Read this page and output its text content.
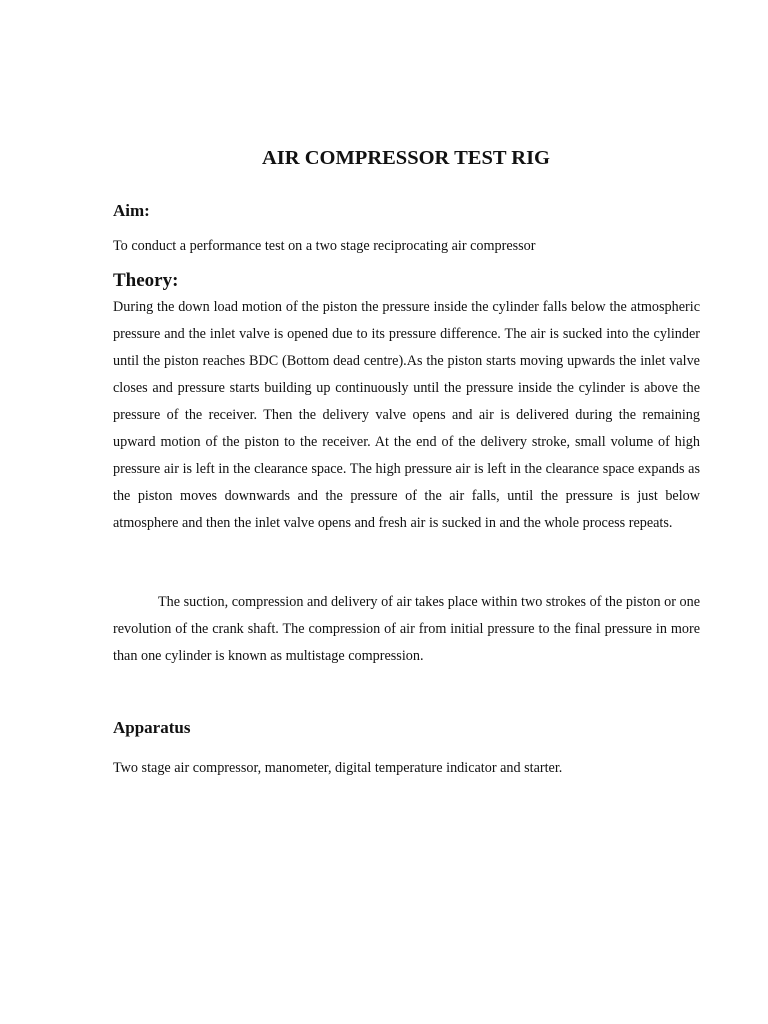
AIR COMPRESSOR TEST RIG
Aim:

To conduct a performance test on a two stage reciprocating air compressor

Theory:

During the down load motion of the piston the pressure inside the cylinder falls below the atmospheric pressure and the inlet valve is opened due to its pressure difference. The air is sucked into the cylinder until the piston reaches BDC (Bottom dead centre).As the piston starts moving upwards the inlet valve closes and pressure starts building up continuously until the pressure inside the cylinder is above the pressure of the receiver. Then the delivery valve opens and air is delivered during the remaining upward motion of the piston to the receiver. At the end of the delivery stroke, small volume of high pressure air is left in the clearance space. The high pressure air is left in the clearance space expands as the piston moves downwards and the pressure of the air falls, until the pressure is just below atmosphere and then the inlet valve opens and fresh air is sucked in and the whole process repeats.

The suction, compression and delivery of air takes place within two strokes of the piston or one revolution of the crank shaft. The compression of air from initial pressure to the final pressure in more than one cylinder is known as multistage compression.

Apparatus

Two stage air compressor, manometer, digital temperature indicator and starter.
